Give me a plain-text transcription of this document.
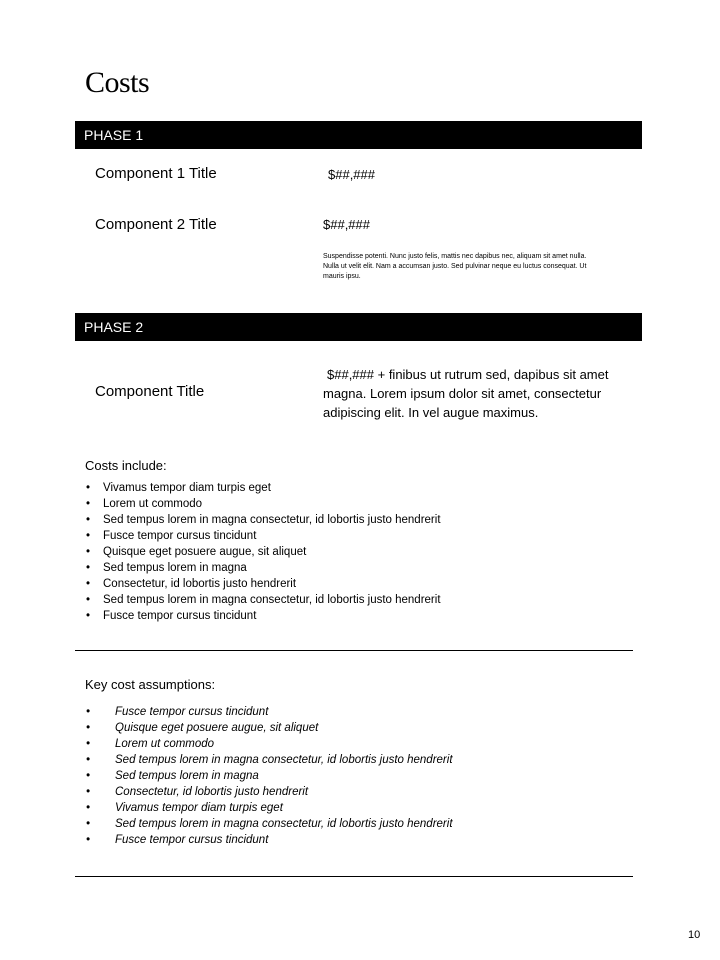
Costs
PHASE 1
Component 1 Title	$##,###
Component 2 Title	$##,###
Suspendisse potenti. Nunc justo felis, mattis nec dapibus nec, aliquam sit amet nulla. Nulla ut velit elit. Nam a accumsan justo. Sed pulvinar neque eu luctus consequat. Ut mauris ipsu.
PHASE 2
Component Title
$##,### + finibus ut rutrum sed, dapibus sit amet magna. Lorem ipsum dolor sit amet, consectetur adipiscing elit. In vel augue maximus.
Costs include:
• Vivamus tempor diam turpis eget
• Lorem ut commodo
• Sed tempus lorem in magna consectetur, id lobortis justo hendrerit
• Fusce tempor cursus tincidunt
• Quisque eget posuere augue, sit aliquet
• Sed tempus lorem in magna
• Consectetur, id lobortis justo hendrerit
• Sed tempus lorem in magna consectetur, id lobortis justo hendrerit
• Fusce tempor cursus tincidunt
Key cost assumptions:
• Fusce tempor cursus tincidunt
• Quisque eget posuere augue, sit aliquet
• Lorem ut commodo
• Sed tempus lorem in magna consectetur, id lobortis justo hendrerit
• Sed tempus lorem in magna
• Consectetur, id lobortis justo hendrerit
• Vivamus tempor diam turpis eget
• Sed tempus lorem in magna consectetur, id lobortis justo hendrerit
• Fusce tempor cursus tincidunt
10
